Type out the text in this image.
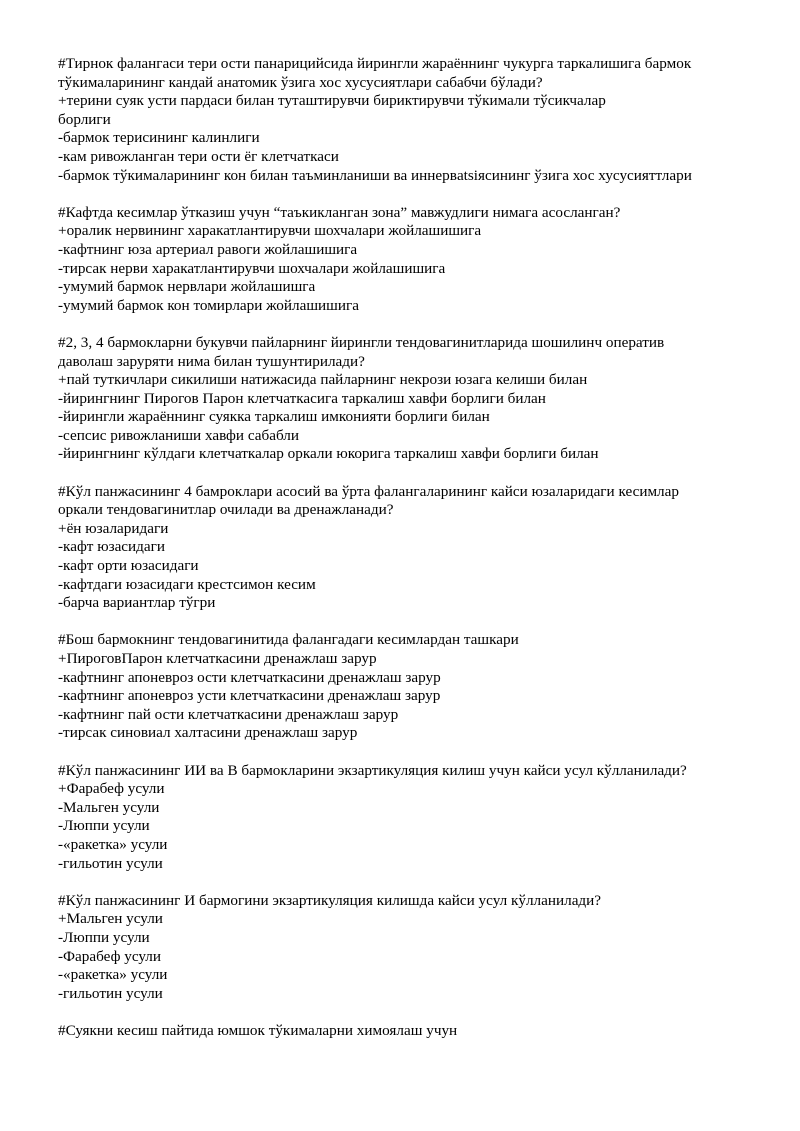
#Тирнок фалангаси тери ости панарицийсида йирингли жараённинг чукурга таркалишига бармок
тўкималарининг кандай анатомик ўзига хос хусусиятлари сабабчи бўлади?
+терини суяк усти пардаси билан туташтирувчи бириктирувчи тўкимали тўсикчалар
борлиги
-бармок терисининг калинлиги
-кам ривожланган тери ости ёг клетчаткаси
-бармок тўкималарининг кон билан таъминланиши ва иннервatsiясининг ўзига хос хусусияттлари
#Кафтда кесимлар ўтказиш учун “таъкикланган зона” мавжудлиги нимага асосланган?
+оралик нервининг харакатлантирувчи шохчалари жойлашишига
-кафтнинг юза артериал равоги жойлашишига
-тирсак нерви харакатлантирувчи шохчалари жойлашишига
-умумий бармок нервлари жойлашишга
-умумий бармок кон томирлари жойлашишига
#2, 3, 4 бармокларни букувчи пайларнинг йирингли тендовагинитларида шошилинч оператив
даволаш заруряти нима билан тушунтирилади?
+пай туткичлари сикилиши натижасида пайларнинг некрози юзага келиши билан
-йирингнинг Пирогов Парон клетчаткасига таркалиш хавфи борлиги билан
-йирингли жараённинг суякка таркалиш имконияти борлиги билан
-сепсис ривожланиши хавфи сабабли
-йирингнинг кўлдаги клетчаткалар оркали юкорига таркалиш хавфи борлиги билан
#Кўл панжасининг 4 бамроклари асосий ва ўрта фалангаларининг кайси юзаларидаги кесимлар
оркали тендовагинитлар очилади ва дренажланади?
+ён юзаларидаги
-кафт юзасидаги
-кафт орти юзасидаги
-кафтдаги юзасидаги крестсимон кесим
-барча вариантлар тўгри
#Бош бармокнинг тендовагинитида фалангадаги кесимлардан ташкари
+ПироговПарон клетчаткасини дренажлаш зарур
-кафтнинг апоневроз ости клетчаткасини дренажлаш зарур
-кафтнинг апоневроз усти клетчаткасини дренажлаш зарур
-кафтнинг пай ости клетчаткасини дренажлаш зарур
-тирсак синовиал халтасини дренажлаш зарур
#Кўл панжасининг ИИ ва В бармокларини экзартикуляция килиш учун кайси усул кўлланилади?
+Фарабеф усули
-Мальген усули
-Люппи усули
-«ракетка» усули
-гильотин усули
#Кўл панжасининг И бармогини экзартикуляция килишда кайси усул кўлланилади?
+Мальген усули
-Люппи усули
-Фарабеф усули
-«ракетка» усули
-гильотин усули
#Суякни кесиш пайтида юмшок тўкималарни химоялаш учун
